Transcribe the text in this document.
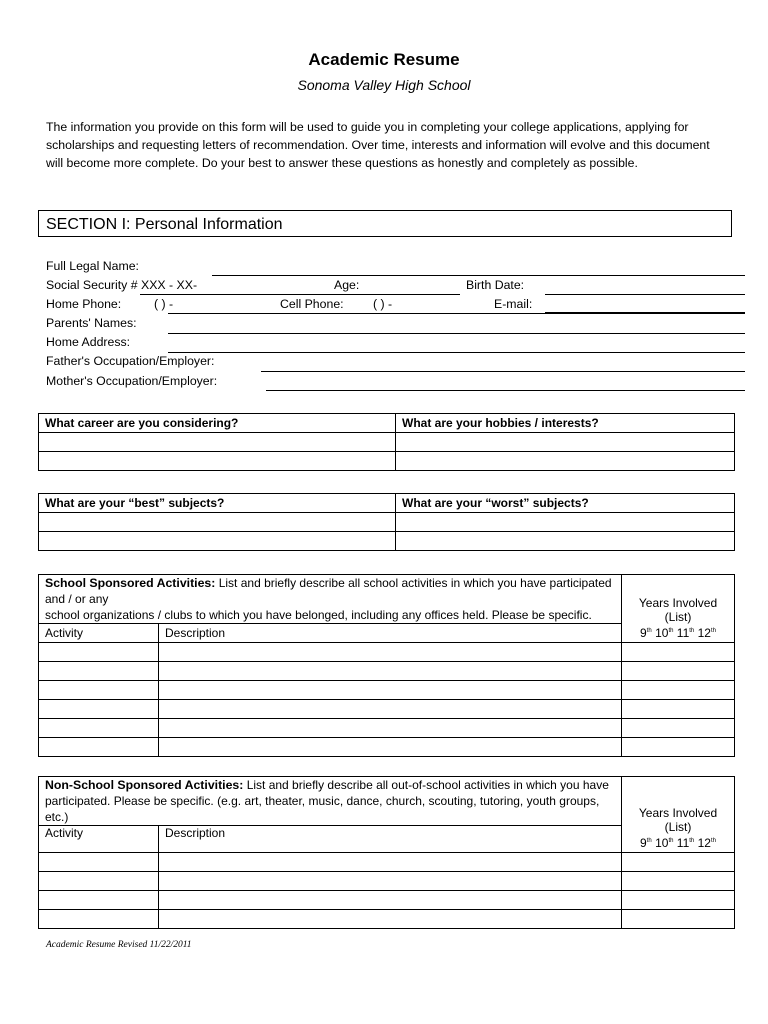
Academic Resume
Sonoma Valley High School
The information you provide on this form will be used to guide you in completing your college applications, applying for scholarships and requesting letters of recommendation. Over time, interests and information will evolve and this document will become more complete. Do your best to answer these questions as honestly and completely as possible.
SECTION I: Personal Information
Full Legal Name:
Social Security # XXX - XX-	Age:	Birth Date:
Home Phone:	( ) -	Cell Phone: ( ) -	E-mail:
Parents' Names:
Home Address:
Father's Occupation/Employer:
Mother's Occupation/Employer:
What career are you considering?	What are your hobbies / interests?

What are your “best” subjects?	What are your “worst” subjects?

School Sponsored Activities: List and briefly describe all school activities in which you have participated and / or any
school organizations / clubs to which you have belonged, including any offices held. Please be specific.		Years Involved (List)
9th 10th 11th 12th
Activity	Description	

Non-School Sponsored Activities: List and briefly describe all out-of-school activities in which you have
participated. Please be specific. (e.g. art, theater, music, dance, church, scouting, tutoring, youth groups, etc.)		Years Involved (List)
9th 10th 11th 12th
Activity	Description	

Academic Resume Revised 11/22/2011
